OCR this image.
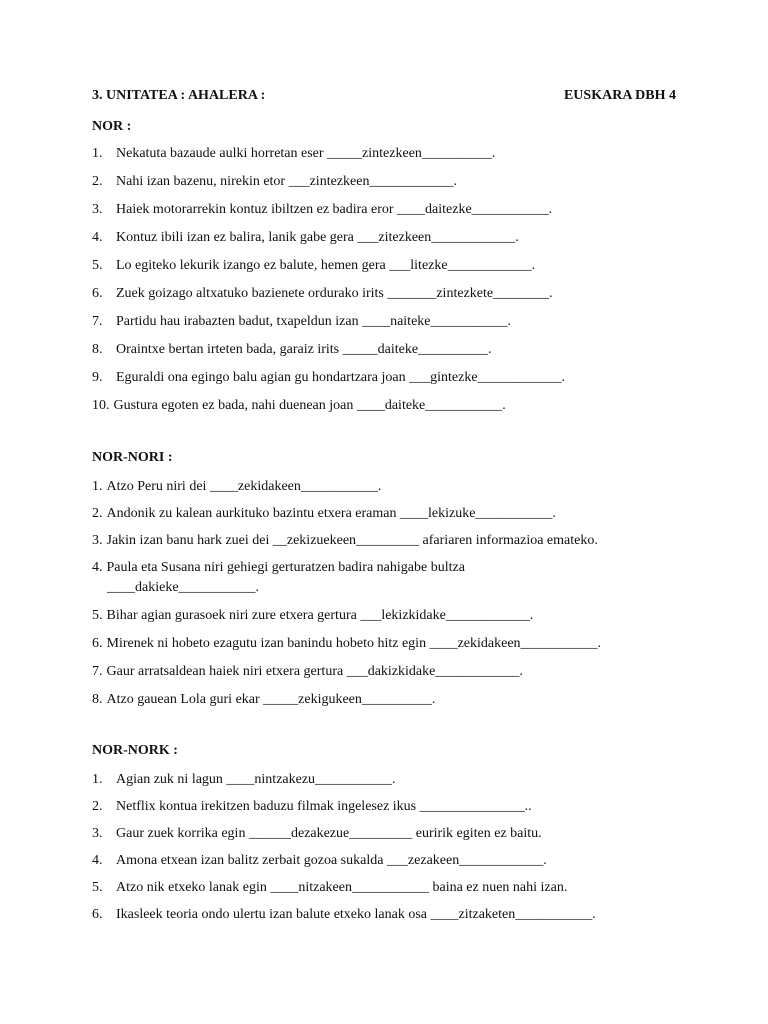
3. UNITATEA : AHALERA :	EUSKARA DBH 4
NOR :
1. Nekatuta bazaude aulki horretan eser _____zintezkeen__________.
2. Nahi izan bazenu, nirekin etor ___zintezkeen____________.
3. Haiek motorarrekin kontuz ibiltzen ez badira eror ____daitezke___________.
4. Kontuz ibili izan ez balira, lanik gabe gera ___zitezkeen____________.
5. Lo egiteko lekurik izango ez balute, hemen gera ___litezke____________.
6. Zuek goizago altxatuko bazienete ordurako irits _______zintezkete________.
7. Partidu hau irabazten badut, txapeldun izan ____naiteke___________.
8. Oraintxe bertan irteten bada, garaiz irits _____daiteke__________.
9. Eguraldi ona egingo balu agian gu hondartzara joan ___gintezke____________.
10. Gustura egoten ez bada, nahi duenean joan ____daiteke___________.
NOR-NORI :
1. Atzo Peru niri dei ____zekidakeen___________.
2. Andonik zu kalean aurkituko bazintu etxera eraman ____lekizuke___________.
3. Jakin izan banu hark zuei dei __zekizuekeen_________ afariaren informazioa emateko.
4. Paula eta Susana niri gehiegi gerturatzen badira nahigabe bultza
____dakieke___________.
5. Bihar agian gurasoek niri zure etxera gertura ___lekizkidake____________.
6. Mirenek ni hobeto ezagutu izan banindu hobeto hitz egin ____zekidakeen___________.
7. Gaur arratsaldean haiek niri etxera gertura ___dakizkidake____________.
8. Atzo gauean Lola guri ekar _____zekigukeen__________.
NOR-NORK :
1. Agian zuk ni lagun ____nintzakezu___________.
2. Netflix kontua irekitzen baduzu filmak ingelesez ikus _______________..
3. Gaur zuek korrika egin ______dezakezue_________ euririk egiten ez baitu.
4. Amona etxean izan balitz zerbait gozoa sukalda ___zezakeen____________.
5. Atzo nik etxeko lanak egin ____nitzakeen___________ baina ez nuen nahi izan.
6. Ikasleek teoria ondo ulertu izan balute etxeko lanak osa ____zitzaketen___________.
